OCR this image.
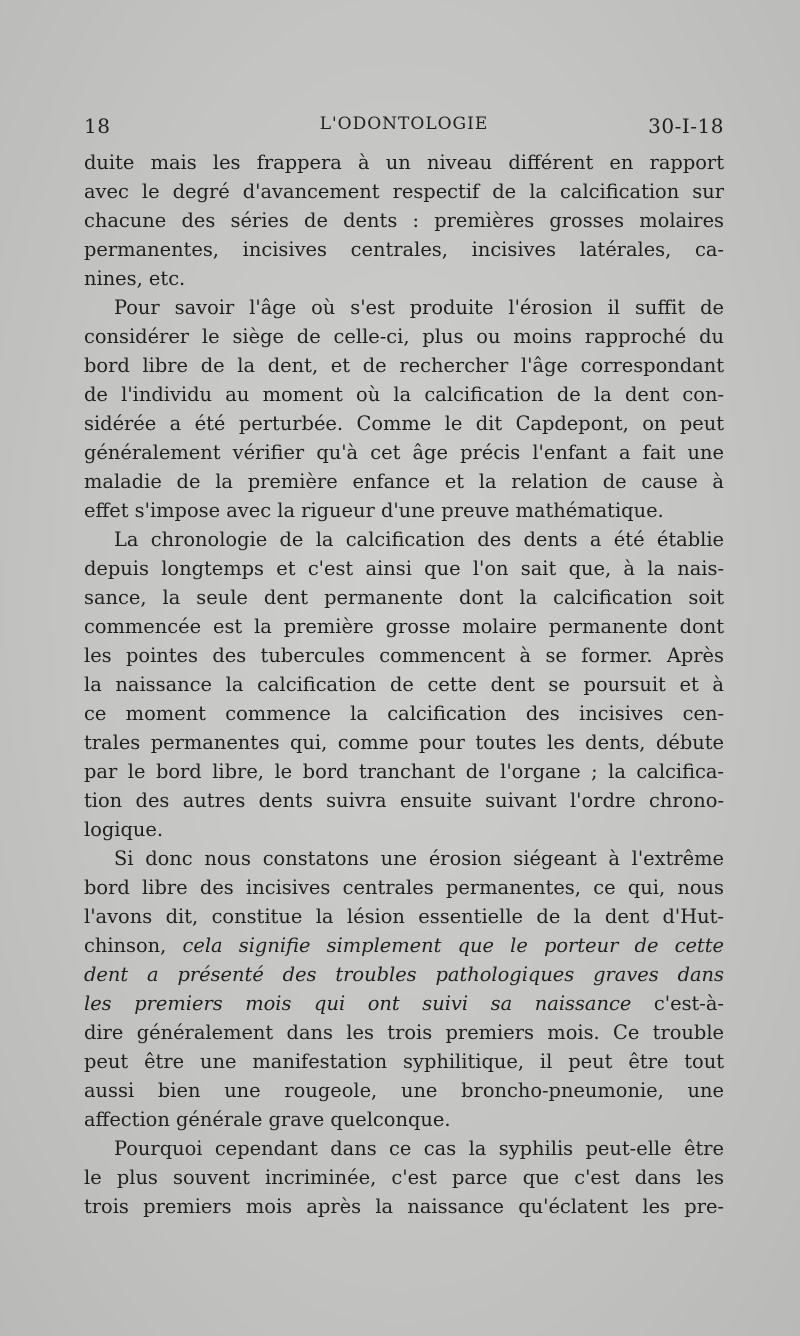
18	L'ODONTOLOGIE	30-I-18
duite mais les frappera à un niveau différent en rapport
avec le degré d'avancement respectif de la calcification sur
chacune des séries de dents : premières grosses molaires
permanentes, incisives centrales, incisives latérales, ca-
nines, etc.
Pour savoir l'âge où s'est produite l'érosion il suffit de
considérer le siège de celle-ci, plus ou moins rapproché du
bord libre de la dent, et de rechercher l'âge correspondant
de l'individu au moment où la calcification de la dent con-
sidérée a été perturbée. Comme le dit Capdepont, on peut
généralement vérifier qu'à cet âge précis l'enfant a fait une
maladie de la première enfance et la relation de cause à
effet s'impose avec la rigueur d'une preuve mathématique.
La chronologie de la calcification des dents a été établie
depuis longtemps et c'est ainsi que l'on sait que, à la nais-
sance, la seule dent permanente dont la calcification soit
commencée est la première grosse molaire permanente dont
les pointes des tubercules commencent à se former. Après
la naissance la calcification de cette dent se poursuit et à
ce moment commence la calcification des incisives cen-
trales permanentes qui, comme pour toutes les dents, débute
par le bord libre, le bord tranchant de l'organe ; la calcifica-
tion des autres dents suivra ensuite suivant l'ordre chrono-
logique.
Si donc nous constatons une érosion siégeant à l'extrême
bord libre des incisives centrales permanentes, ce qui, nous
l'avons dit, constitue la lésion essentielle de la dent d'Hut-
chinson, cela signifie simplement que le porteur de cette
dent a présenté des troubles pathologiques graves dans
les premiers mois qui ont suivi sa naissance c'est-à-
dire généralement dans les trois premiers mois. Ce trouble
peut être une manifestation syphilitique, il peut être tout
aussi bien une rougeole, une broncho-pneumonie, une
affection générale grave quelconque.
Pourquoi cependant dans ce cas la syphilis peut-elle être
le plus souvent incriminée, c'est parce que c'est dans les
trois premiers mois après la naissance qu'éclatent les pre-
